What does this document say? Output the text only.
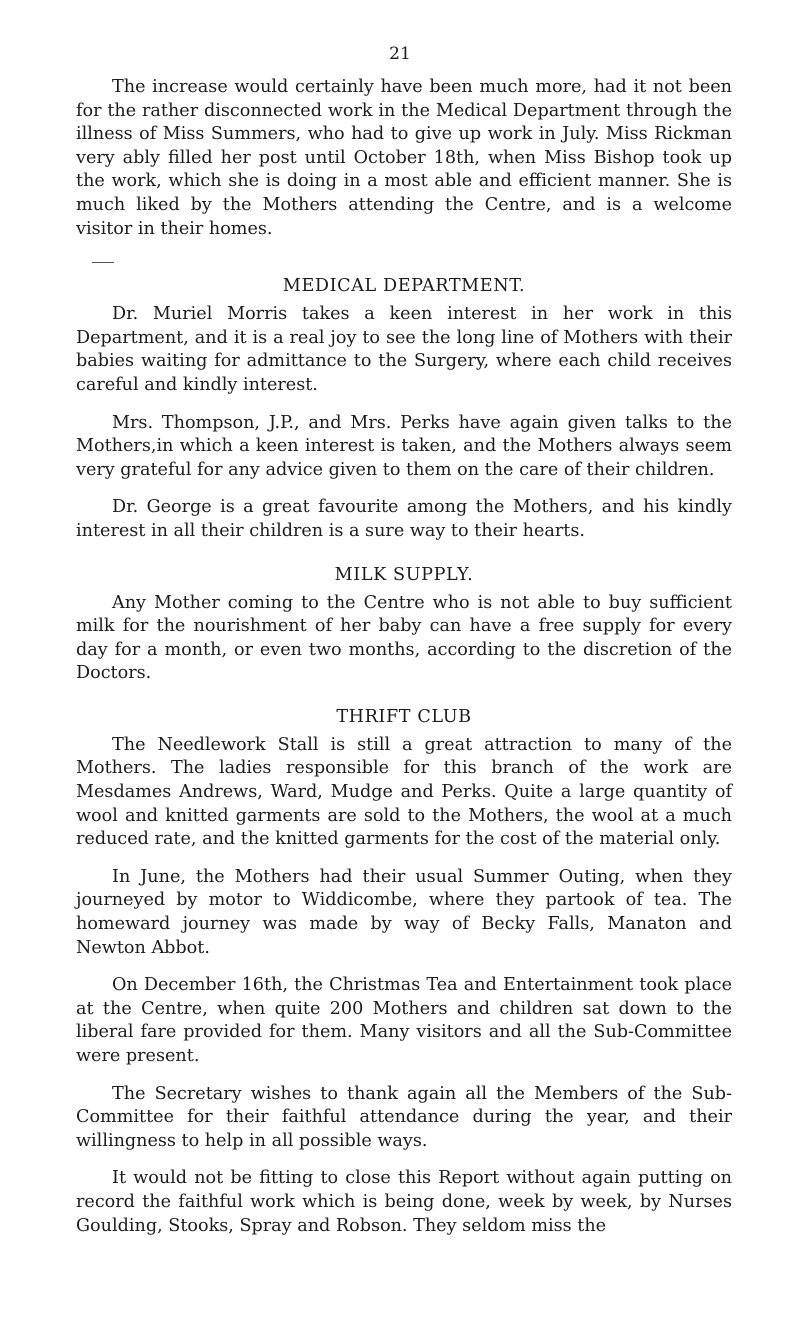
21

The increase would certainly have been much more, had it not been for the rather disconnected work in the Medical Department through the illness of Miss Summers, who had to give up work in July. Miss Rickman very ably filled her post until October 18th, when Miss Bishop took up the work, which she is doing in a most able and efficient manner. She is much liked by the Mothers attending the Centre, and is a welcome visitor in their homes.

MEDICAL DEPARTMENT.

Dr. Muriel Morris takes a keen interest in her work in this Department, and it is a real joy to see the long line of Mothers with their babies waiting for admittance to the Surgery, where each child receives careful and kindly interest.

Mrs. Thompson, J.P., and Mrs. Perks have again given talks to the Mothers,in which a keen interest is taken, and the Mothers always seem very grateful for any advice given to them on the care of their children.

Dr. George is a great favourite among the Mothers, and his kindly interest in all their children is a sure way to their hearts.

MILK SUPPLY.

Any Mother coming to the Centre who is not able to buy sufficient milk for the nourishment of her baby can have a free supply for every day for a month, or even two months, according to the discretion of the Doctors.

THRIFT CLUB

The Needlework Stall is still a great attraction to many of the Mothers. The ladies responsible for this branch of the work are Mesdames Andrews, Ward, Mudge and Perks. Quite a large quantity of wool and knitted garments are sold to the Mothers, the wool at a much reduced rate, and the knitted garments for the cost of the material only.

In June, the Mothers had their usual Summer Outing, when they journeyed by motor to Widdicombe, where they partook of tea. The homeward journey was made by way of Becky Falls, Manaton and Newton Abbot.

On December 16th, the Christmas Tea and Entertainment took place at the Centre, when quite 200 Mothers and children sat down to the liberal fare provided for them. Many visitors and all the Sub-Committee were present.

The Secretary wishes to thank again all the Members of the Sub-Committee for their faithful attendance during the year, and their willingness to help in all possible ways.

It would not be fitting to close this Report without again putting on record the faithful work which is being done, week by week, by Nurses Goulding, Stooks, Spray and Robson. They seldom miss the
